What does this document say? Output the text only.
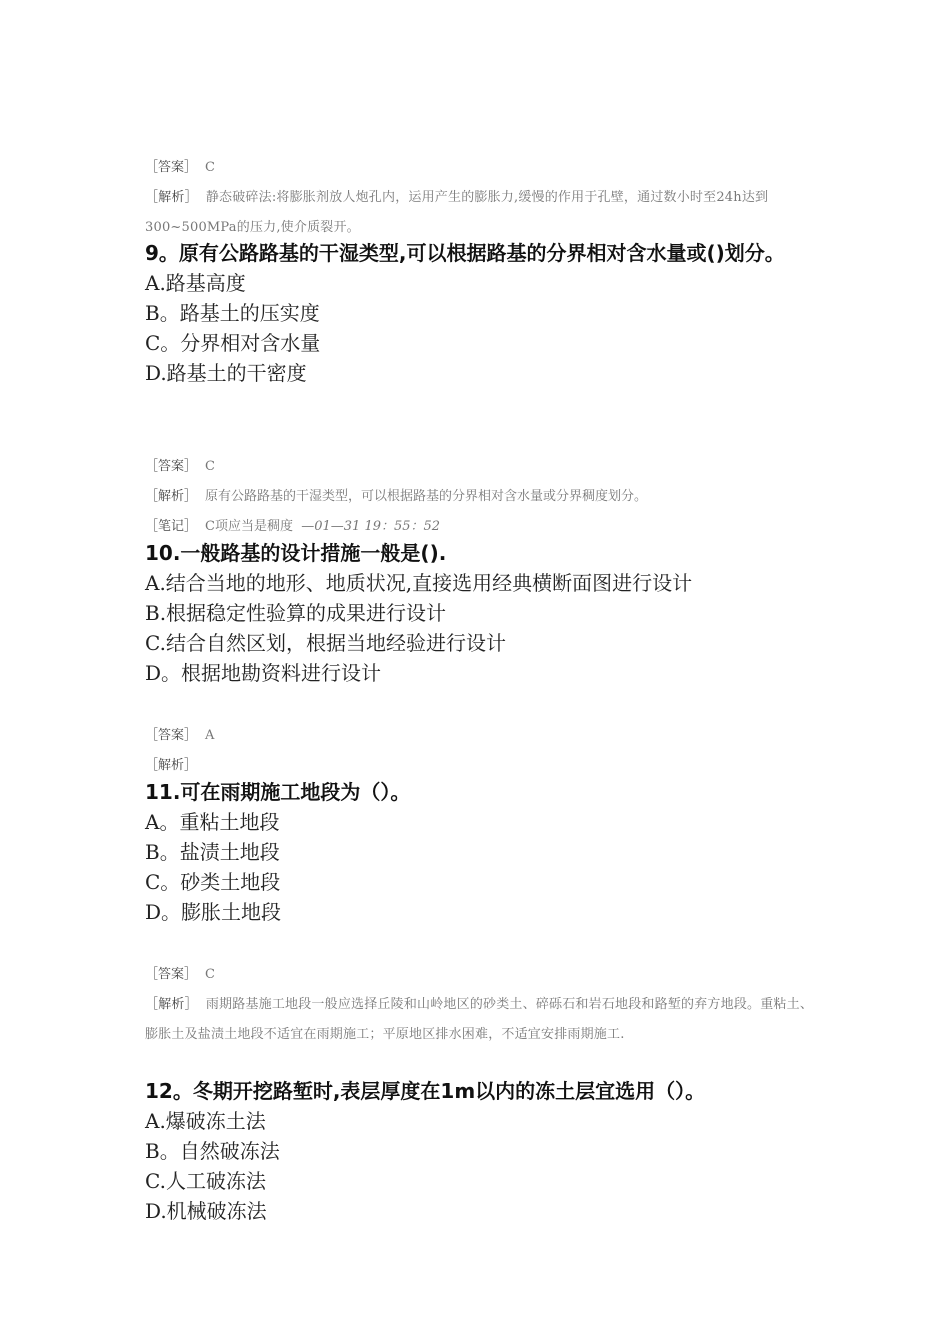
［答案］ C

［解析］ 静态破碎法:将膨胀剂放人炮孔内，运用产生的膨胀力,缓慢的作用于孔壁，通过数小时至24h达到300~500MPa的压力,使介质裂开。

9。原有公路路基的干湿类型,可以根据路基的分界相对含水量或()划分。

A.路基高度

B。路基土的压实度

C。分界相对含水量

D.路基土的干密度

［答案］ C

［解析］ 原有公路路基的干湿类型，可以根据路基的分界相对含水量或分界稠度划分。

［笔记］ C项应当是稠度 —01—31 19：55：52

10.一般路基的设计措施一般是().

A.结合当地的地形、地质状况,直接选用经典横断面图进行设计

B.根据稳定性验算的成果进行设计

C.结合自然区划，根据当地经验进行设计

D。根据地勘资料进行设计

［答案］ A

［解析］

11.可在雨期施工地段为（）。

A。重粘土地段

B。盐渍土地段

C。砂类土地段

D。膨胀土地段

［答案］ C

［解析］ 雨期路基施工地段一般应选择丘陵和山岭地区的砂类土、碎砾石和岩石地段和路堑的弃方地段。重粘土、膨胀土及盐渍土地段不适宜在雨期施工；平原地区排水困难，不适宜安排雨期施工.

12。冬期开挖路堑时,表层厚度在1m以内的冻土层宜选用（）。

A.爆破冻土法

B。自然破冻法

C.人工破冻法

D.机械破冻法
